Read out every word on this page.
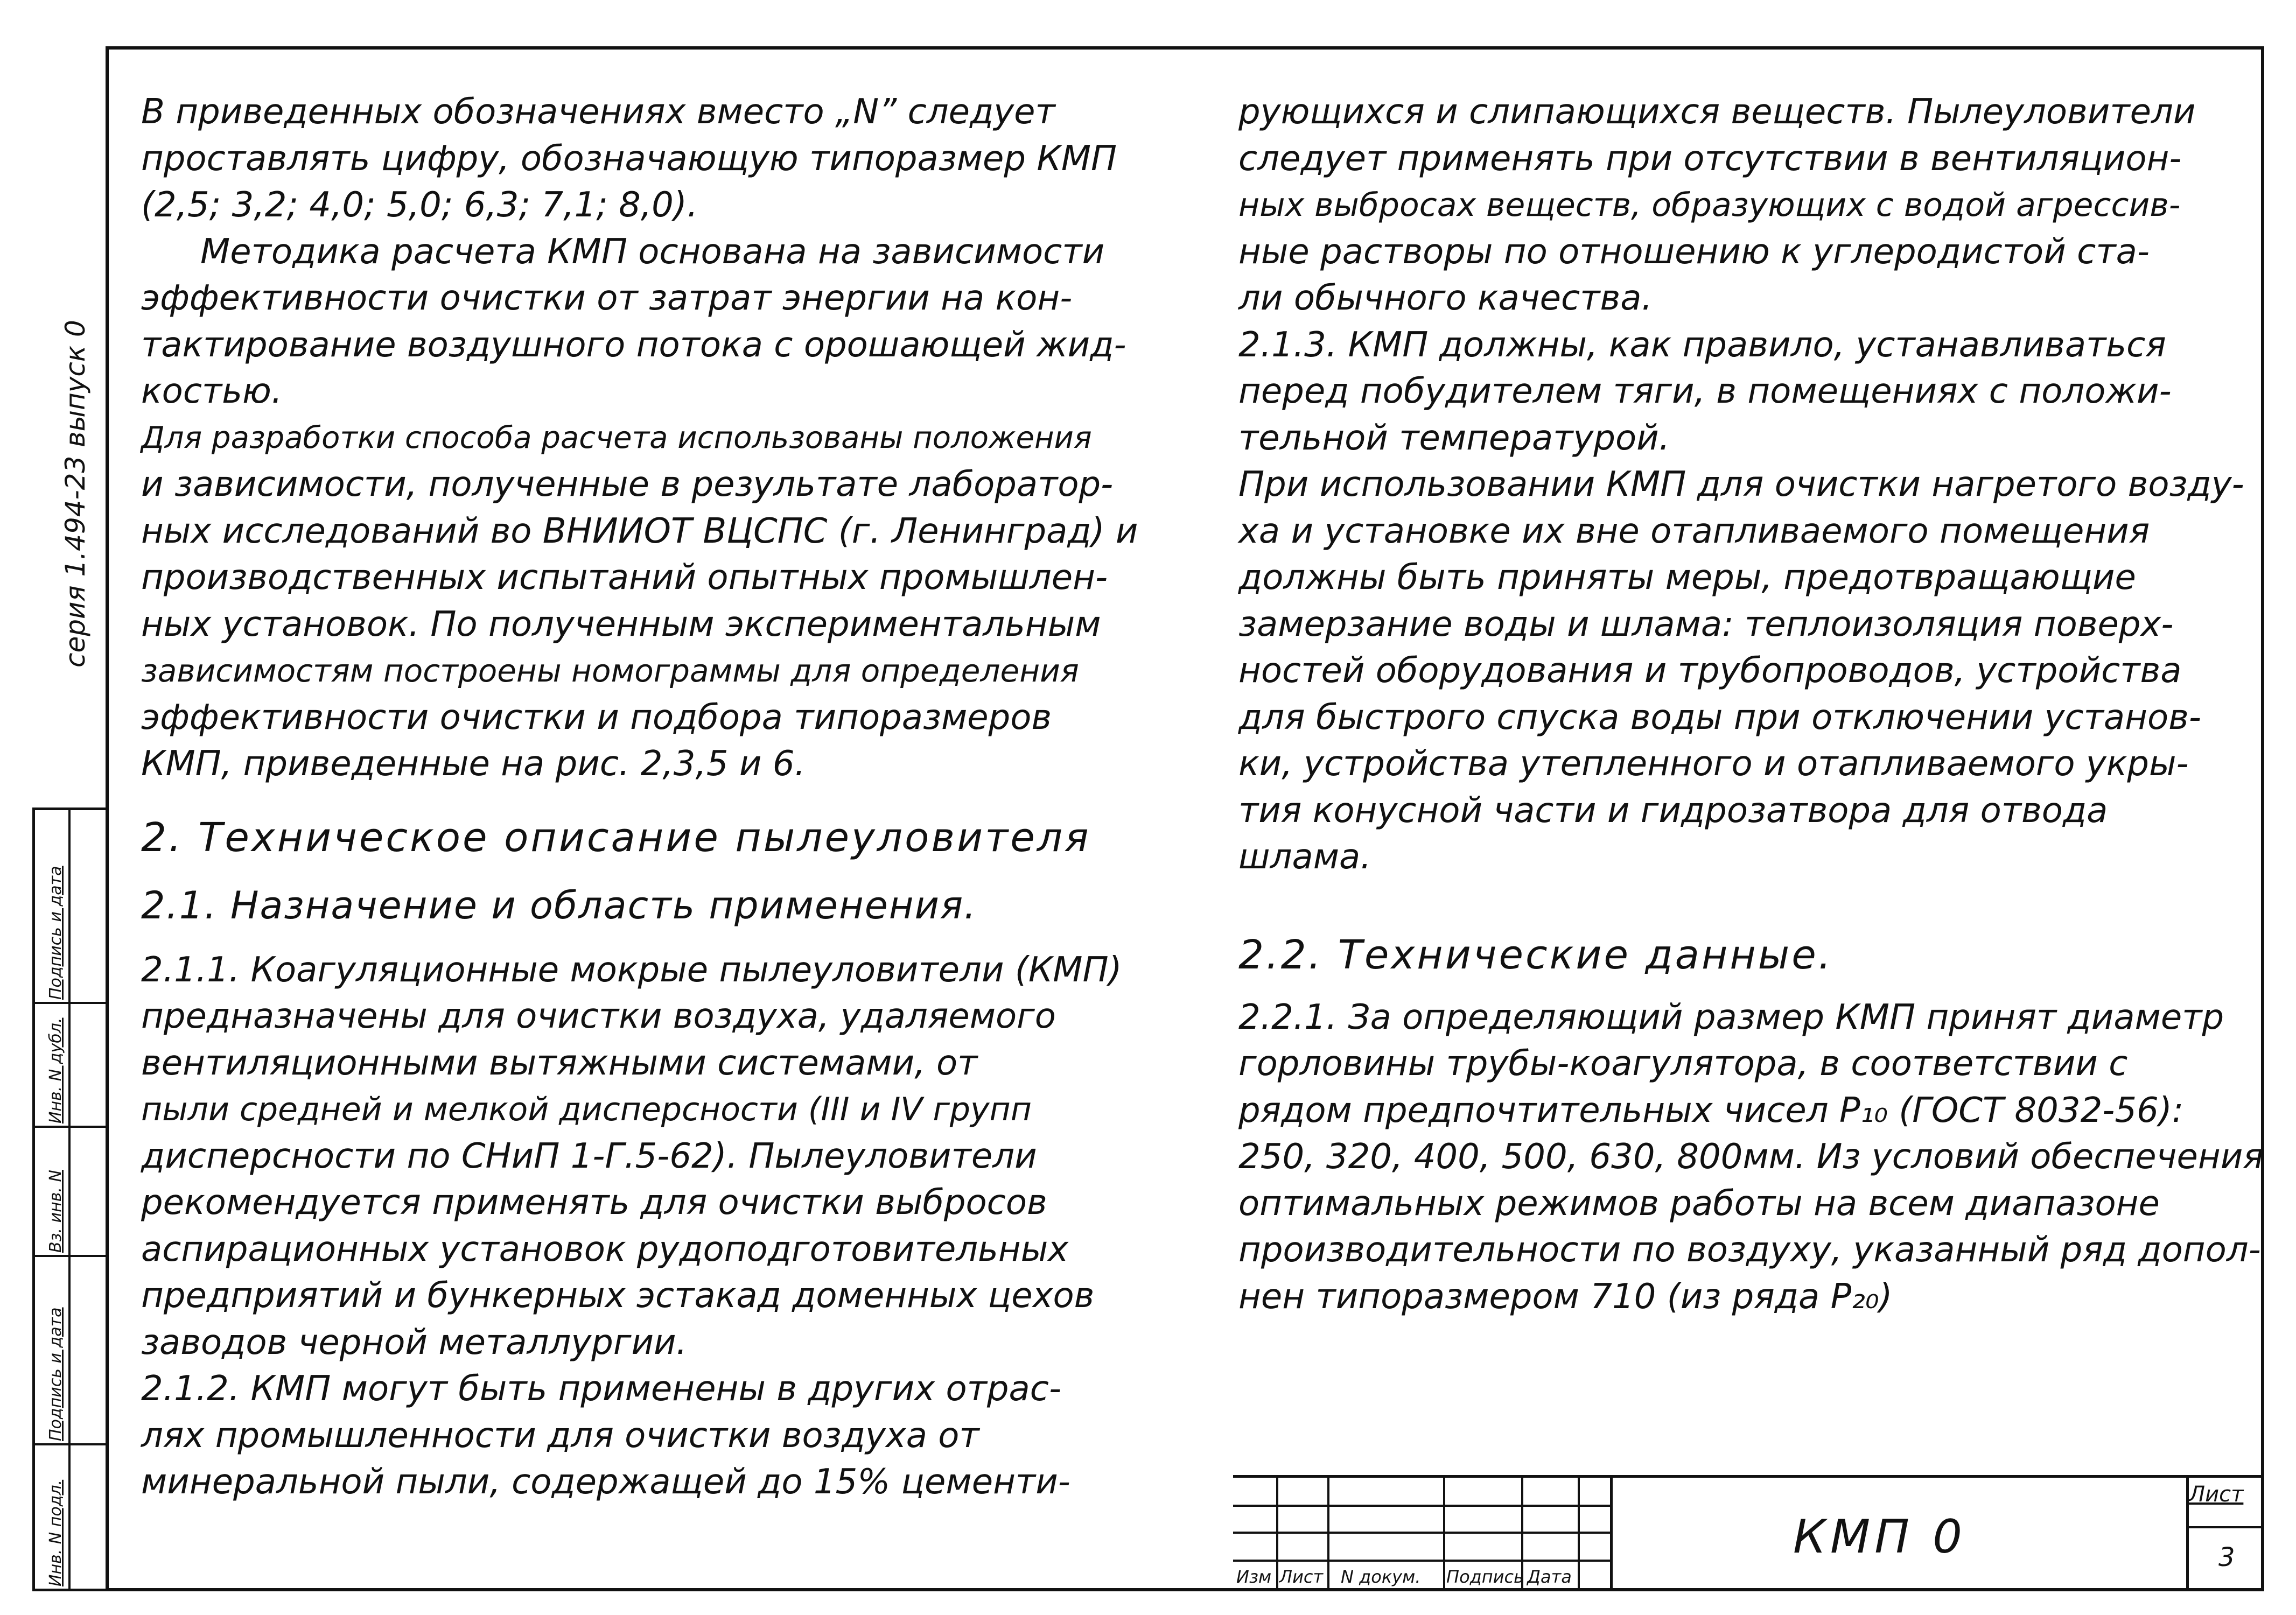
серия 1.494-23 выпуск 0
Подпись и дата
Инв. N дубл.
Вз. инв. N
Подпись и дата
Инв. N подл.

В приведенных обозначениях вместо „N” следует

проставлять цифру, обозначающую типоразмер КМП

(2,5; 3,2; 4,0; 5,0; 6,3; 7,1; 8,0).

Методика расчета КМП основана на зависимости

эффективности очистки от затрат энергии на кон-

тактирование воздушного потока с орошающей жид-

костью.

Для разработки способа расчета использованы положения

и зависимости, полученные в результате лаборатор-

ных исследований во ВНИИОТ ВЦСПС (г. Ленинград) и

производственных испытаний опытных промышлен-

ных установок. По полученным экспериментальным

зависимостям построены номограммы для определения

эффективности очистки и подбора типоразмеров

КМП, приведенные на рис. 2,3,5 и 6.

2. Техническое описание пылеуловителя

2.1. Назначение и область применения.

2.1.1. Коагуляционные мокрые пылеуловители (КМП)

предназначены для очистки воздуха, удаляемого

вентиляционными вытяжными системами, от

пыли средней и мелкой дисперсности (III и IV групп

дисперсности по СНиП 1-Г.5-62). Пылеуловители

рекомендуется применять для очистки выбросов

аспирационных установок рудоподготовительных

предприятий и бункерных эстакад доменных цехов

заводов черной металлургии.

2.1.2. КМП могут быть применены в других отрас-

лях промышленности для очистки воздуха от

минеральной пыли, содержащей до 15% цементи-

рующихся и слипающихся веществ. Пылеуловители

следует применять при отсутствии в вентиляцион-

ных выбросах веществ, образующих с водой агрессив-

ные растворы по отношению к углеродистой ста-

ли обычного качества.

2.1.3. КМП должны, как правило, устанавливаться

перед побудителем тяги, в помещениях с положи-

тельной температурой.

При использовании КМП для очистки нагретого возду-

ха и установке их вне отапливаемого помещения

должны быть приняты меры, предотвращающие

замерзание воды и шлама: теплоизоляция поверх-

ностей оборудования и трубопроводов, устройства

для быстрого спуска воды при отключении установ-

ки, устройства утепленного и отапливаемого укры-

тия конусной части и гидрозатвора для отвода

шлама.

2.2. Технические данные.

2.2.1. За определяющий размер КМП принят диаметр

горловины трубы-коагулятора, в соответствии с

рядом предпочтительных чисел Р₁₀ (ГОСТ 8032-56):

250, 320, 400, 500, 630, 800мм. Из условий обеспечения

оптимальных режимов работы на всем диапазоне

производительности по воздуху, указанный ряд допол-

нен типоразмером 710 (из ряда Р₂₀)

Изм Лист N докум. Подпись Дата
КМП 0
Лист
3
